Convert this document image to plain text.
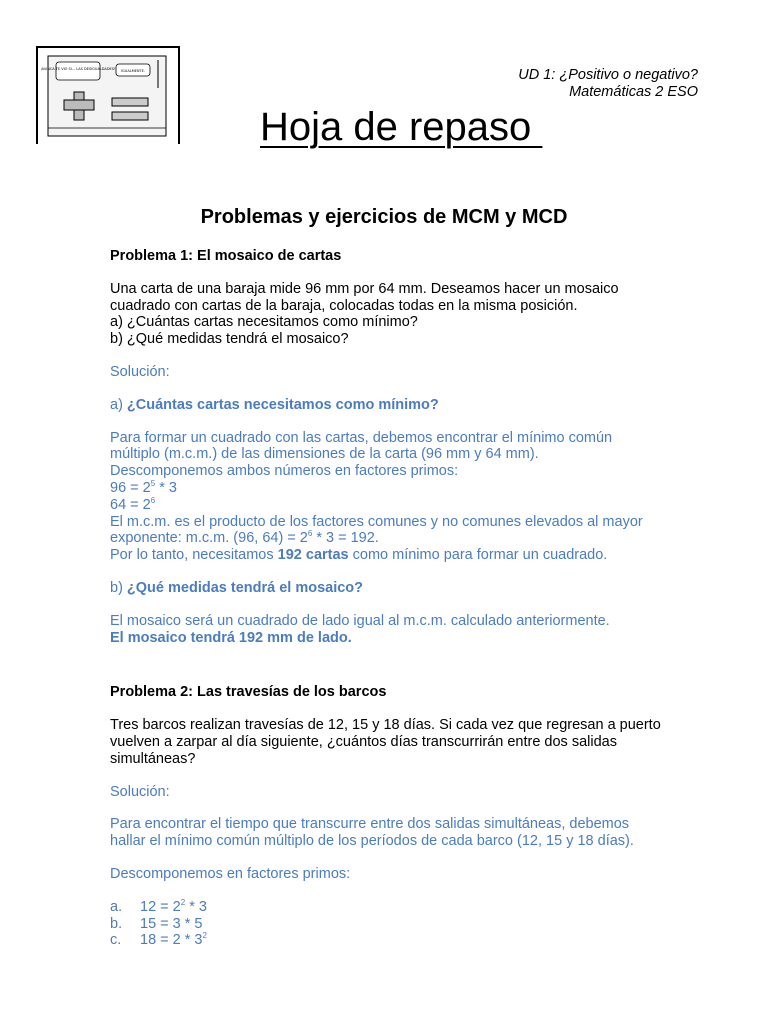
¡NUNCA TE VIO SI... LAS DESIGUALDADES! IGUALMENTE.	UD 1: ¿Positivo o negativo?
Matemáticas 2 ESO
Hoja de repaso
Problemas y ejercicios de MCM y MCD

Problema 1: El mosaico de cartas

Una carta de una baraja mide 96 mm por 64 mm. Deseamos hacer un mosaico

cuadrado con cartas de la baraja, colocadas todas en la misma posición.

a) ¿Cuántas cartas necesitamos como mínimo?

b) ¿Qué medidas tendrá el mosaico?

Solución:

a) ¿Cuántas cartas necesitamos como mínimo?

Para formar un cuadrado con las cartas, debemos encontrar el mínimo común

múltiplo (m.c.m.) de las dimensiones de la carta (96 mm y 64 mm).

Descomponemos ambos números en factores primos:

$96 = 2^5 * 3$

$64 = 2^6$

El m.c.m. es el producto de los factores comunes y no comunes elevados al mayor

exponente: m.c.m. (96, $64) = 2^6 * 3 = 192$.

Por lo tanto, necesitamos 192 cartas como mínimo para formar un cuadrado.

b) ¿Qué medidas tendrá el mosaico?

El mosaico será un cuadrado de lado igual al m.c.m. calculado anteriormente.

El mosaico tendrá 192 mm de lado.

Problema 2: Las travesías de los barcos

Tres barcos realizan travesías de 12, 15 y 18 días. Si cada vez que regresan a puerto

vuelven a zarpar al día siguiente, ¿cuántos días transcurrirán entre dos salidas

simultáneas?

Solución:

Para encontrar el tiempo que transcurre entre dos salidas simultáneas, debemos

hallar el mínimo común múltiplo de los períodos de cada barco (12, 15 y 18 días).

Descomponemos en factores primos:

a.	$12 = 2^2 * 3$
b.	15 = 3 * 5
c.	$18 = 2 * 3^2$
